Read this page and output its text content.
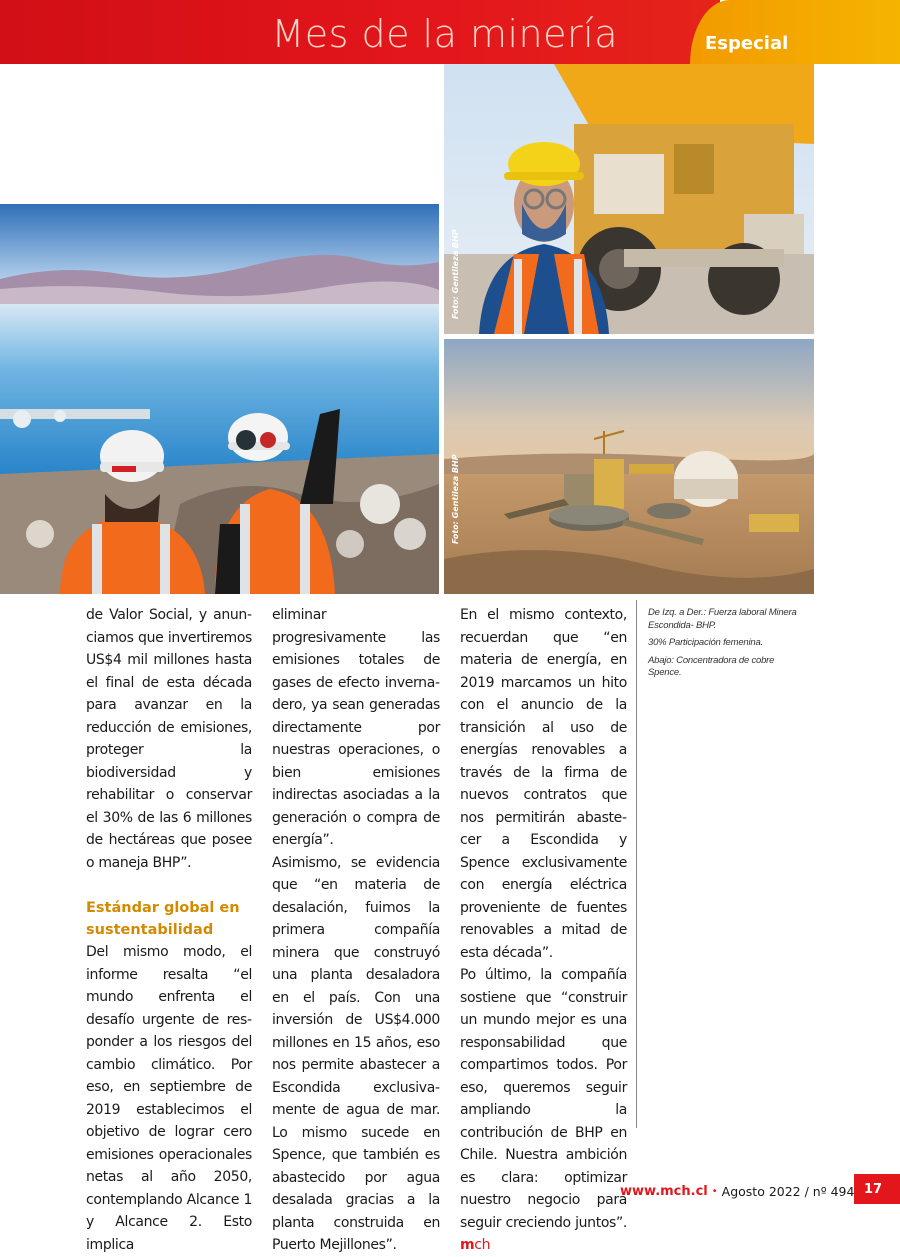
Mes de la minería	Especial
Foto: Gentileza BHP
Foto: Gentileza BHP

de Valor Social, y anunciamos que invertiremos US$4 mil millones hasta el final de esta década para avanzar en la reducción de emisiones, proteger la biodiversidad y rehabilitar o conservar el 30% de las 6 millones de hectáreas que posee o maneja BHP”.

Estándar global en
sustentabilidad

Del mismo modo, el informe resalta “el mundo enfrenta el desafío urgente de responder a los riesgos del cambio climático. Por eso, en septiembre de 2019 establecimos el objetivo de lograr cero emisiones operacionales netas al año 2050, contemplando Alcance 1 y Alcance 2. Esto implica

eliminar progresivamente las emisiones totales de gases de efecto invernadero, ya sean generadas directamente por nuestras operaciones, o bien emisiones indirectas asociadas a la generación o compra de energía”.

Asimismo, se evidencia que “en materia de desalación, fuimos la primera compañía minera que construyó una planta desaladora en el país. Con una inversión de US$4.000 millones en 15 años, eso nos permite abastecer a Escondida exclusivamente de agua de mar. Lo mismo sucede en Spence, que también es abastecido por agua desalada gracias a la planta construida en Puerto Mejillones”.

En el mismo contexto, recuerdan que “en materia de energía, en 2019 marcamos un hito con el anuncio de la transición al uso de energías renovables a través de la firma de nuevos contratos que nos permitirán abastecer a Escondida y Spence exclusivamente con energía eléctrica proveniente de fuentes renovables a mitad de esta década”.

Po último, la compañía sostiene que “construir un mundo mejor es una responsabilidad que compartimos todos. Por eso, queremos seguir ampliando la contribución de BHP en Chile. Nuestra ambición es clara: optimizar nuestro negocio para seguir creciendo juntos”. mch

De Izq. a Der.: Fuerza laboral Minera Escondida- BHP.
30% Participación femenina.
Abajo: Concentradora de cobre Spence.
www.mch.cl • Agosto 2022 / nº 494 17
